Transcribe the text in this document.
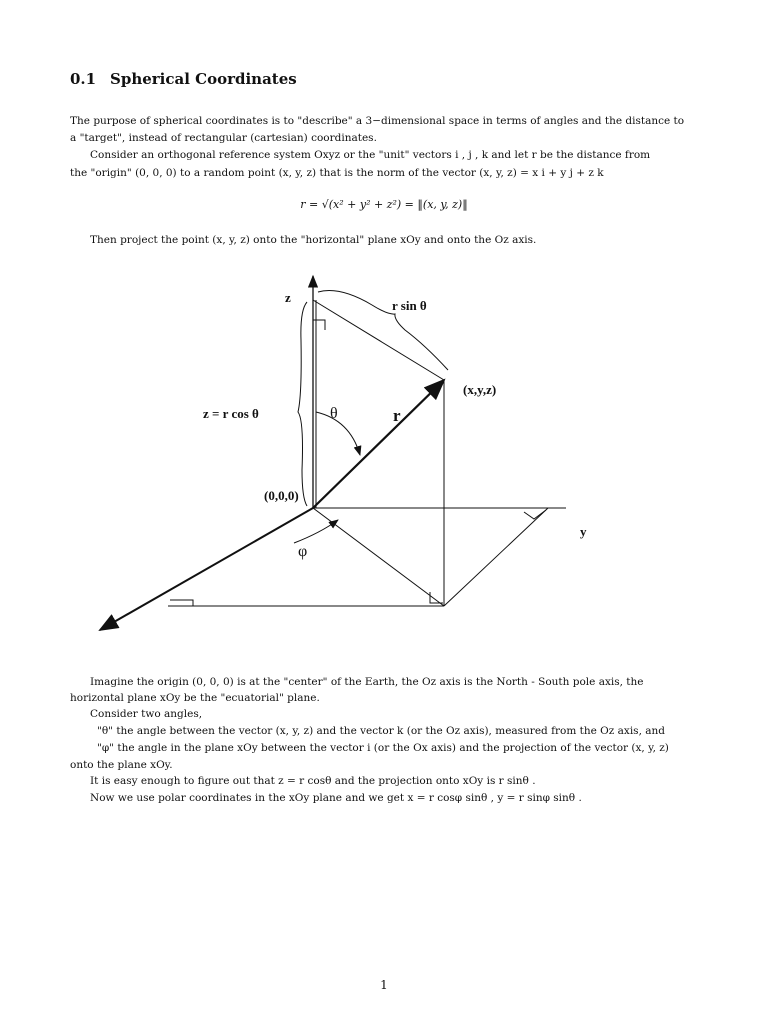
0.1 Spherical Coordinates
The purpose of spherical coordinates is to "describe" a 3−dimensional space in terms of angles and the distance to
a "target", instead of rectangular (cartesian) coordinates.
Consider an orthogonal reference system Oxyz or the "unit" vectors i , j , k and let r be the distance from
the "origin" (0, 0, 0) to a random point (x, y, z) that is the norm of the vector (x, y, z) = x i + y j + z k
r = √(x² + y² + z²) = ‖(x, y, z)‖
Then project the point (x, y, z) onto the "horizontal" plane xOy and onto the Oz axis.
z
y
x
r sin θ
(x,y,z)
z = r cos θ	θ	r
(0,0,0)
φ
Imagine the origin (0, 0, 0) is at the "center" of the Earth, the Oz axis is the North - South pole axis, the
horizontal plane xOy be the "ecuatorial" plane.
Consider two angles,
"θ" the angle between the vector (x, y, z) and the vector k (or the Oz axis), measured from the Oz axis, and
"φ" the angle in the plane xOy between the vector i (or the Ox axis) and the projection of the vector (x, y, z)
onto the plane xOy.
It is easy enough to figure out that z = r cosθ and the projection onto xOy is r sinθ .
Now we use polar coordinates in the xOy plane and we get x = r cosφ sinθ , y = r sinφ sinθ .
1
